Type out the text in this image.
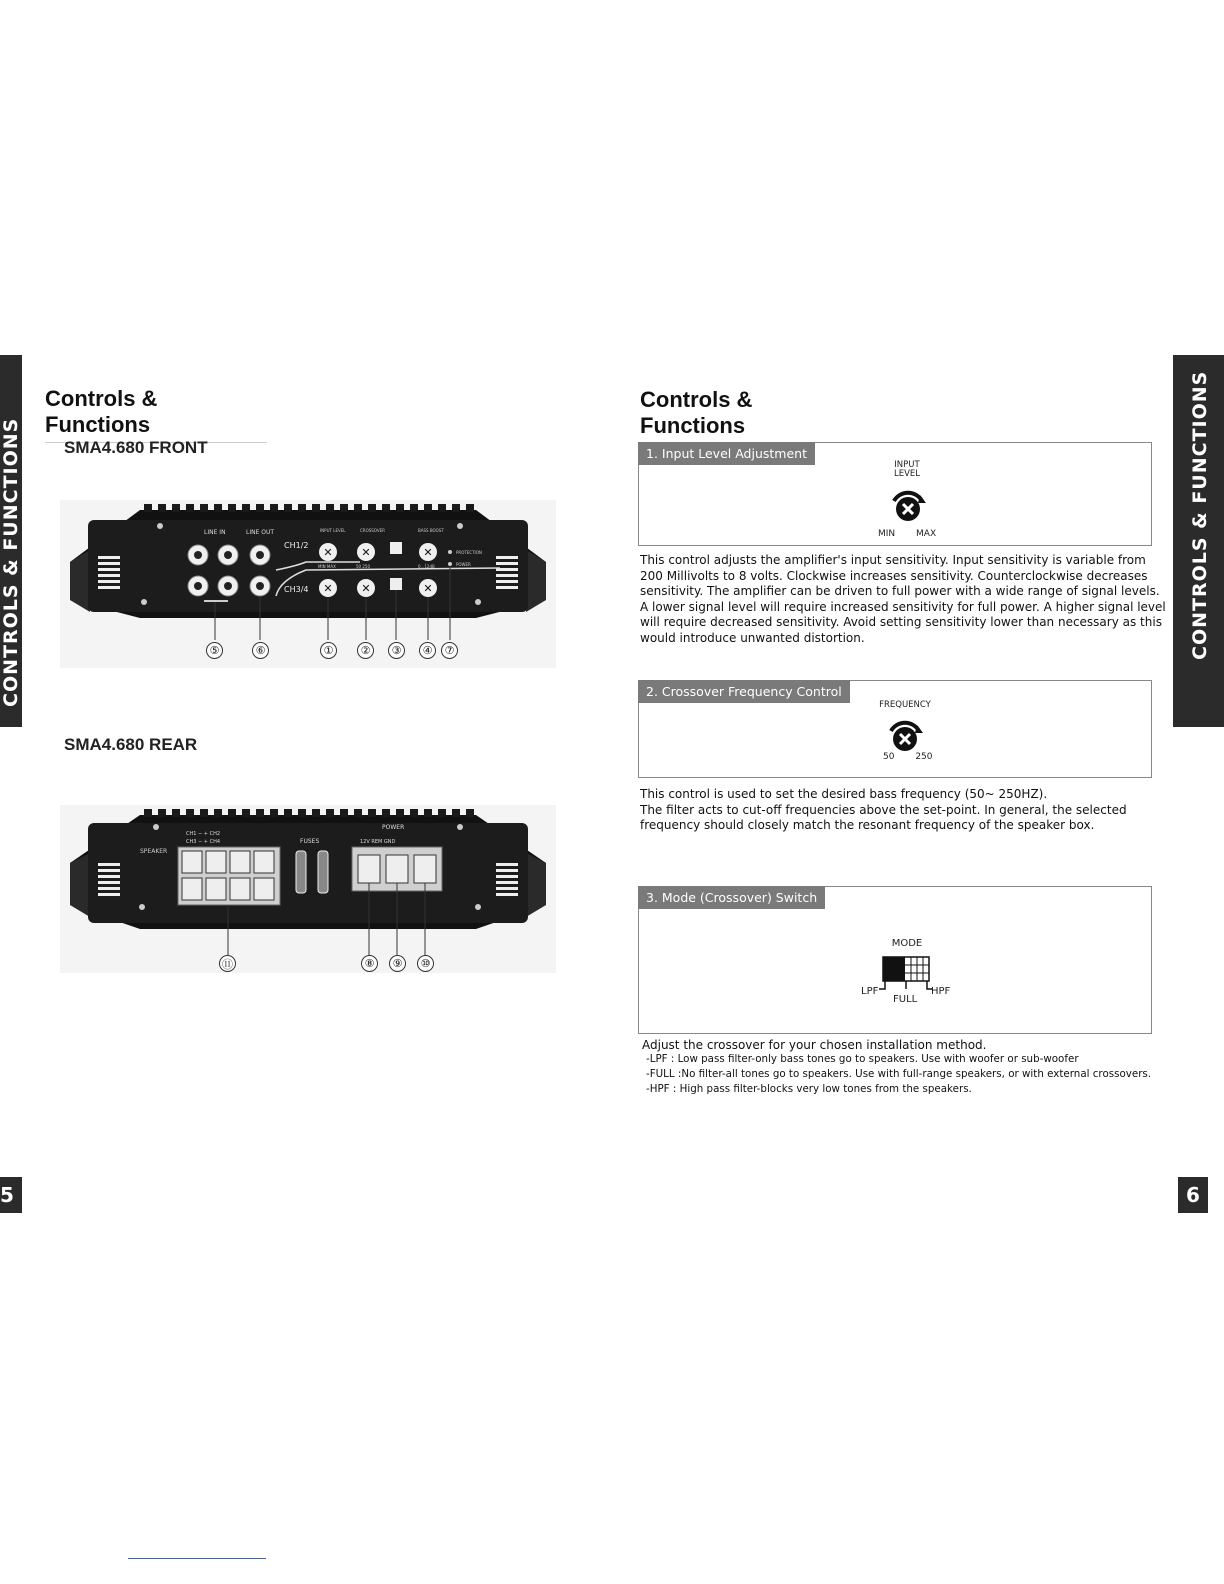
CONTROLS & FUNCTIONS	CONTROLS & FUNCTIONS
5	6
Controls & Functions
SMA4.680 FRONT
SMA4.680 REAR
LINE IN	LINE OUT
CH1/2
CH3/4
✕	✕	✕
✕	✕	✕
INPUT LEVEL	CROSSOVER	BASS BOOST
MIN MAX	50 250	0...12dB
PROTECTION
POWER
⑤	⑥	①	②	③	④	⑦
SPEAKER
CH1 − + CH2
CH3 − + CH4	FUSES
POWER
12V REM GND
⑪	⑧	⑨	⑩
Controls & Functions
1. Input Level Adjustment
INPUT
LEVEL
MIN MAX

This control adjusts the amplifier's input sensitivity. Input sensitivity is variable from

200 Millivolts to 8 volts. Clockwise increases sensitivity. Counterclockwise decreases

sensitivity. The amplifier can be driven to full power with a wide range of signal levels.

A lower signal level will require increased sensitivity for full power. A higher signal level

will require decreased sensitivity. Avoid setting sensitivity lower than necessary as this

would introduce unwanted distortion.

2. Crossover Frequency Control
FREQUENCY
50 250

This control is used to set the desired bass frequency (50~ 250HZ).

The filter acts to cut-off frequencies above the set-point. In general, the selected

frequency should closely match the resonant frequency of the speaker box.

3. Mode (Crossover) Switch
MODE
LPF	HPF
FULL
Adjust the crossover for your chosen installation method.

-LPF : Low pass filter-only bass tones go to speakers. Use with woofer or sub-woofer

-FULL :No filter-all tones go to speakers. Use with full-range speakers, or with external crossovers.

-HPF : High pass filter-blocks very low tones from the speakers.
